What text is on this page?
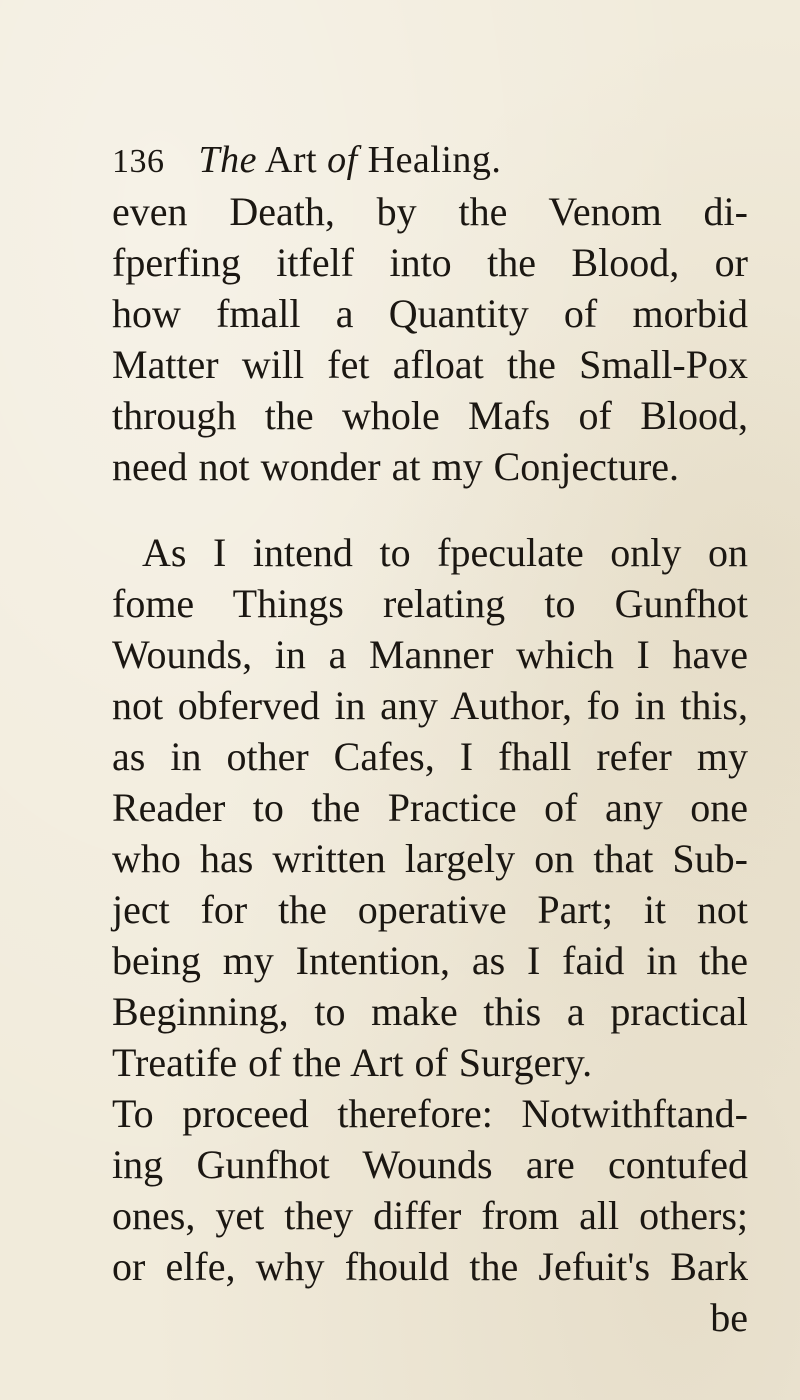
136 The Art of Healing.
even Death, by the Venom di-
fperfing itfelf into the Blood, or
how fmall a Quantity of morbid
Matter will fet afloat the Small-Pox
through the whole Mafs of Blood,
need not wonder at my Conjecture.
As I intend to fpeculate only on
fome Things relating to Gunfhot
Wounds, in a Manner which I have
not obferved in any Author, fo in this,
as in other Cafes, I fhall refer my
Reader to the Practice of any one
who has written largely on that Sub-
ject for the operative Part; it not
being my Intention, as I faid in the
Beginning, to make this a practical
Treatife of the Art of Surgery.
To proceed therefore: Notwithftand-
ing Gunfhot Wounds are contufed
ones, yet they differ from all others;
or elfe, why fhould the Jefuit's Bark
be
